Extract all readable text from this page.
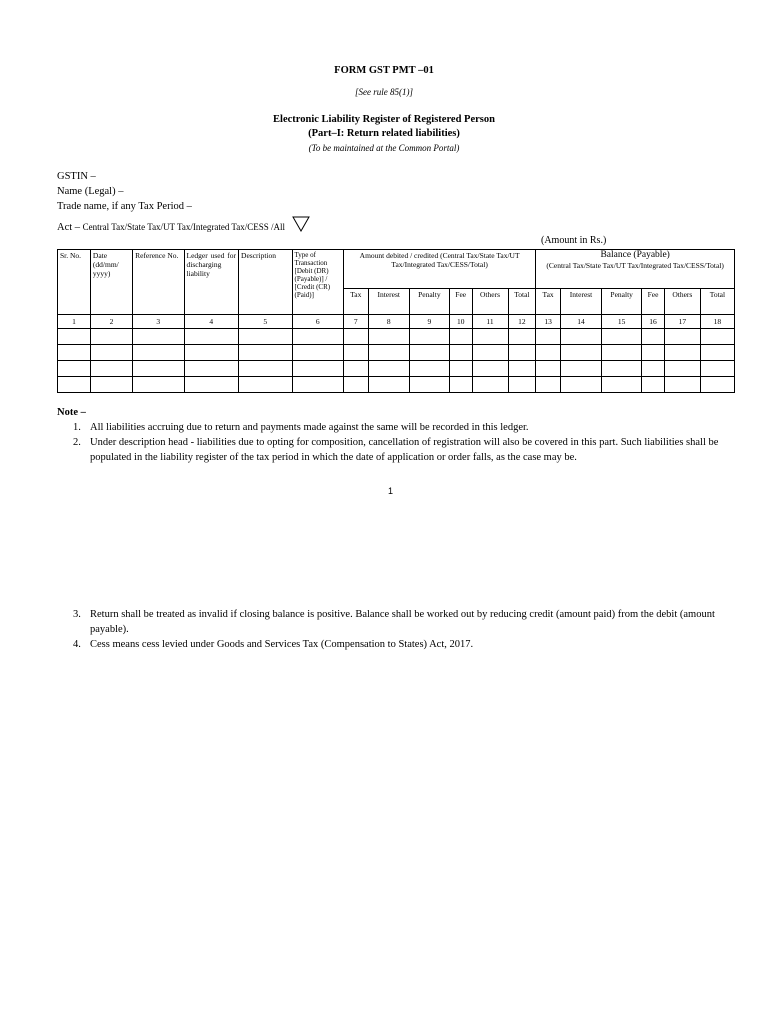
FORM GST PMT –01
[See rule 85(1)]
Electronic Liability Register of Registered Person
(Part–I: Return related liabilities)
(To be maintained at the Common Portal)
GSTIN –
Name (Legal) –
Trade name, if any Tax Period –
Act – Central Tax/State Tax/UT Tax/Integrated Tax/CESS /All
(Amount in Rs.)
Sr. No.	Date (dd/mm/ yyyy)	Reference No.	Ledger used for discharging liability	Description	Type of Transaction [Debit (DR) (Payable)] / [Credit (CR) (Paid)]	Amount debited / credited (Central Tax/State Tax/UT Tax/Integrated Tax/CESS/Total)						Balance (Payable)
(Central Tax/State Tax/UT Tax/Integrated Tax/CESS/Total)					
						Tax	Interest	Penalty	Fee	Others	Total	Tax	Interest	Penalty	Fee	Others	Total
1	2	3	4	5	6	7	8	9	10	11	12	13	14	15	16	17	18

Note –
1. All liabilities accruing due to return and payments made against the same will be recorded in this ledger.
2. Under description head - liabilities due to opting for composition, cancellation of registration will also be covered in this part. Such liabilities shall be populated in the liability register of the tax period in which the date of application or order falls, as the case may be.
1
3. Return shall be treated as invalid if closing balance is positive. Balance shall be worked out by reducing credit (amount paid) from the debit (amount payable).
4. Cess means cess levied under Goods and Services Tax (Compensation to States) Act, 2017.
